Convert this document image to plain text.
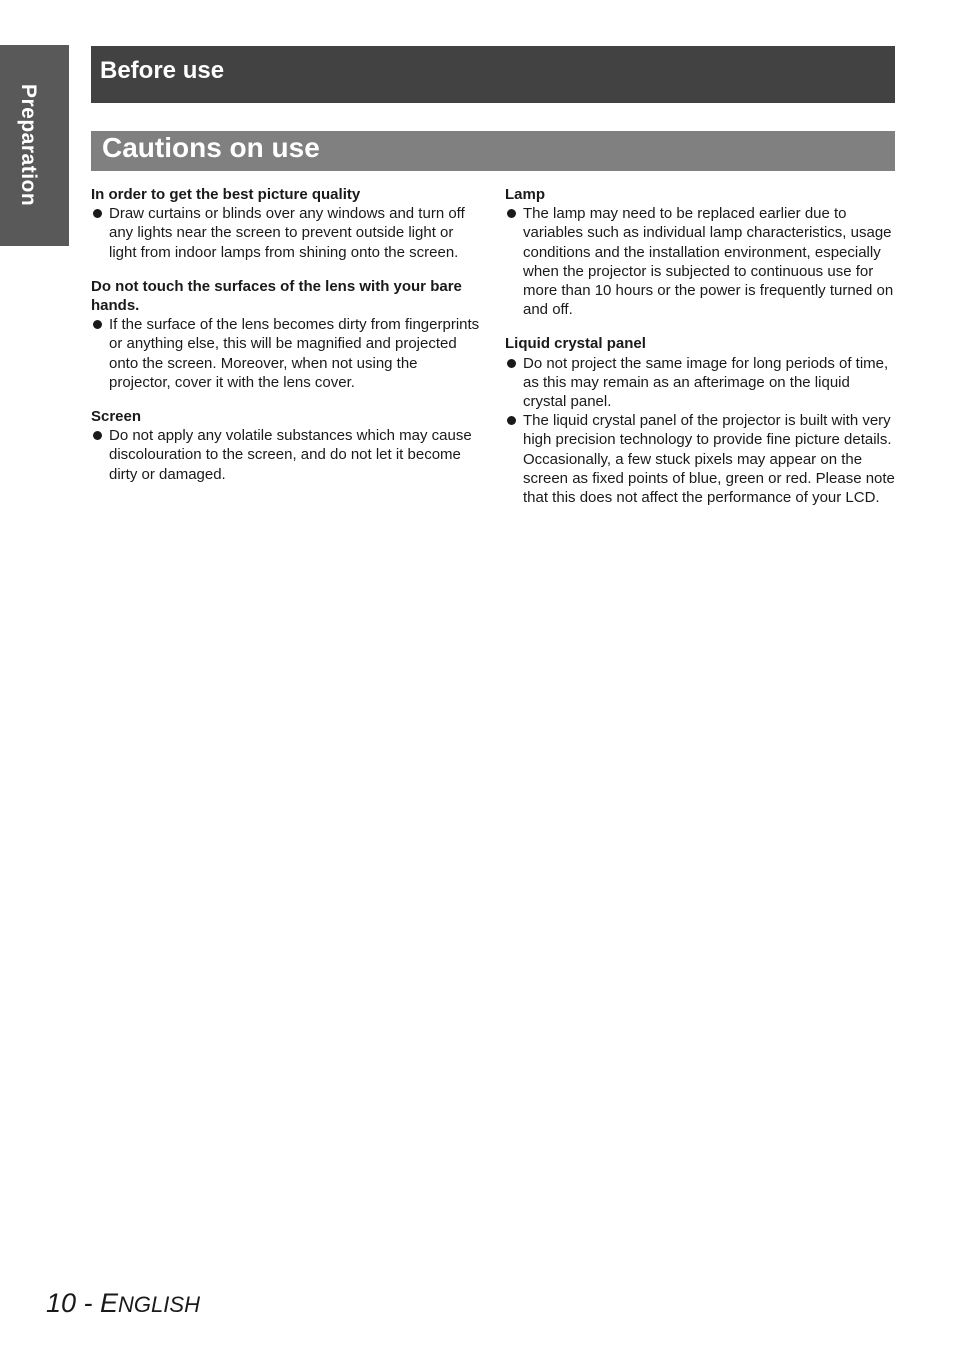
Preparation
Before use
Cautions on use
In order to get the best picture quality
Draw curtains or blinds over any windows and turn off any lights near the screen to prevent outside light or light from indoor lamps from shining onto the screen.
Do not touch the surfaces of the lens with your bare hands.
If the surface of the lens becomes dirty from fingerprints or anything else, this will be magnified and projected onto the screen. Moreover, when not using the projector, cover it with the lens cover.
Screen
Do not apply any volatile substances which may cause discolouration to the screen, and do not let it become dirty or damaged.
Lamp
The lamp may need to be replaced earlier due to variables such as individual lamp characteristics, usage conditions and the installation environment, especially when the projector is subjected to continuous use for more than 10 hours or the power is frequently turned on and off.
Liquid crystal panel
Do not project the same image for long periods of time, as this may remain as an afterimage on the liquid crystal panel.
The liquid crystal panel of the projector is built with very high precision technology to provide fine picture details. Occasionally, a few stuck pixels may appear on the screen as fixed points of blue, green or red. Please note that this does not affect the performance of your LCD.
10 - ENGLISH
